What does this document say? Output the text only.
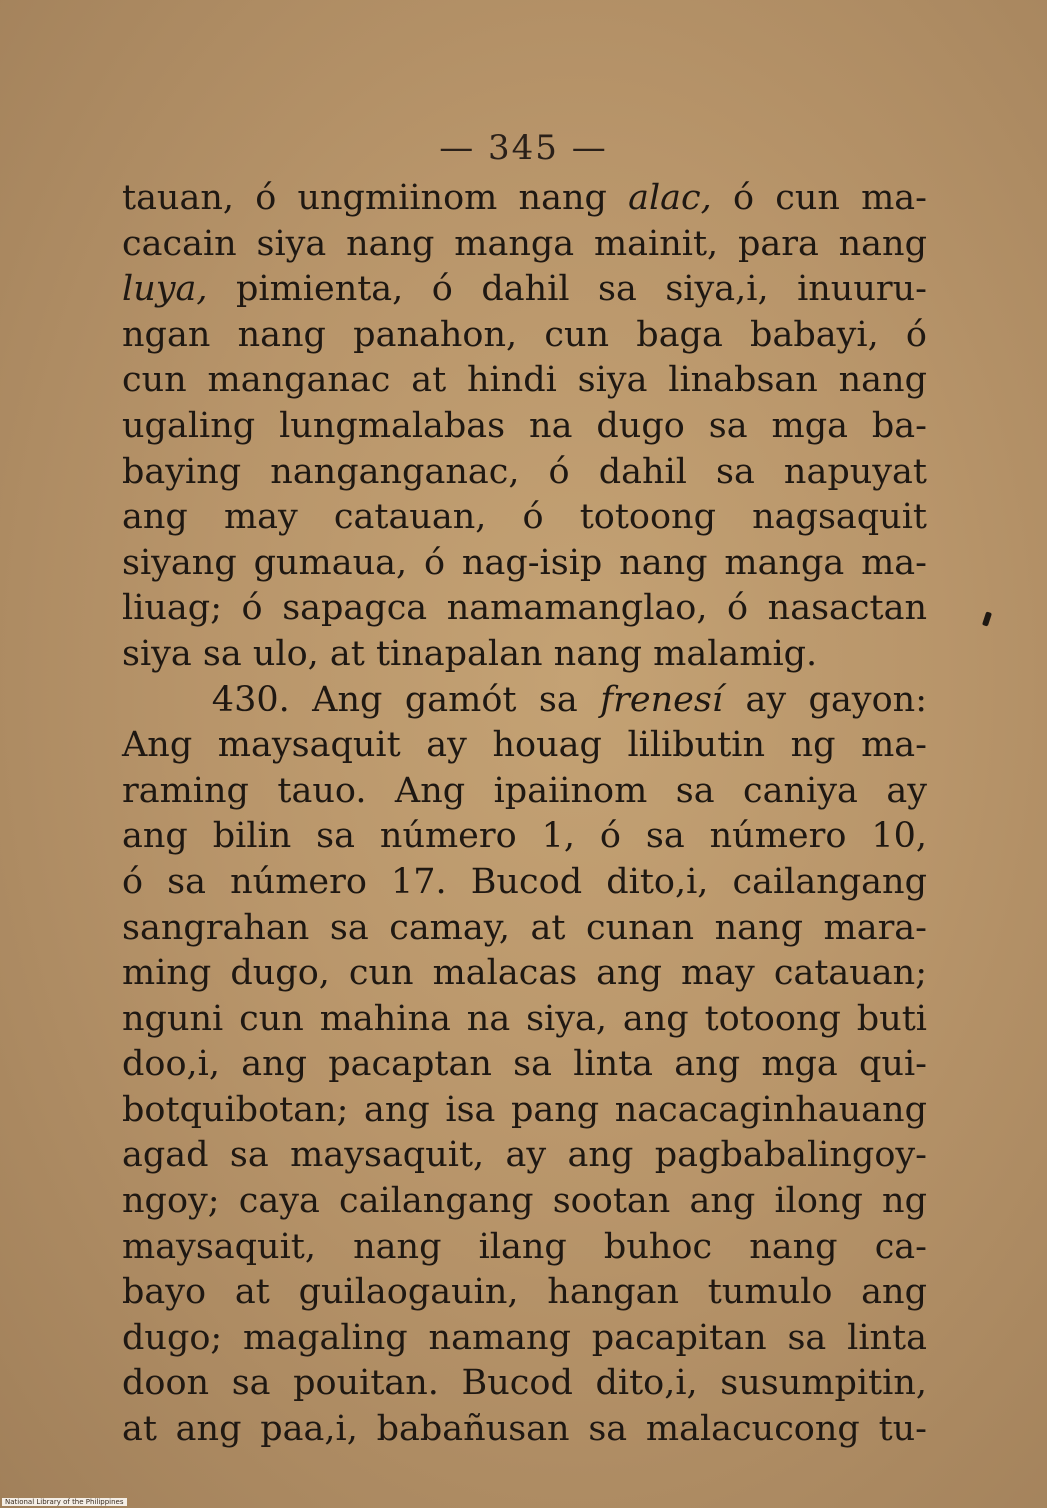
— 345 —
tauan, ó ungmiinom nang alac, ó cun ma-
cacain siya nang manga mainit, para nang
luya, pimienta, ó dahil sa siya,i, inuuru-
ngan nang panahon, cun baga babayi, ó
cun manganac at hindi siya linabsan nang
ugaling lungmalabas na dugo sa mga ba-
baying nanganganac, ó dahil sa napuyat
ang may catauan, ó totoong nagsaquit
siyang gumaua, ó nag-isip nang manga ma-
liuag; ó sapagca namamanglao, ó nasactan
siya sa ulo, at tinapalan nang malamig.
430. Ang gamót sa frenesí ay gayon:
Ang maysaquit ay houag lilibutin ng ma-
raming tauo. Ang ipaiinom sa caniya ay
ang bilin sa número 1, ó sa número 10,
ó sa número 17. Bucod dito,i, cailangang
sangrahan sa camay, at cunan nang mara-
ming dugo, cun malacas ang may catauan;
nguni cun mahina na siya, ang totoong buti
doo,i, ang pacaptan sa linta ang mga qui-
botquibotan; ang isa pang nacacaginhauang
agad sa maysaquit, ay ang pagbabalingoy-
ngoy; caya cailangang sootan ang ilong ng
maysaquit, nang ilang buhoc nang ca-
bayo at guilaogauin, hangan tumulo ang
dugo; magaling namang pacapitan sa linta
doon sa pouitan. Bucod dito,i, susumpitin,
at ang paa,i, babañusan sa malacucong tu-
National Library of the Philippines
